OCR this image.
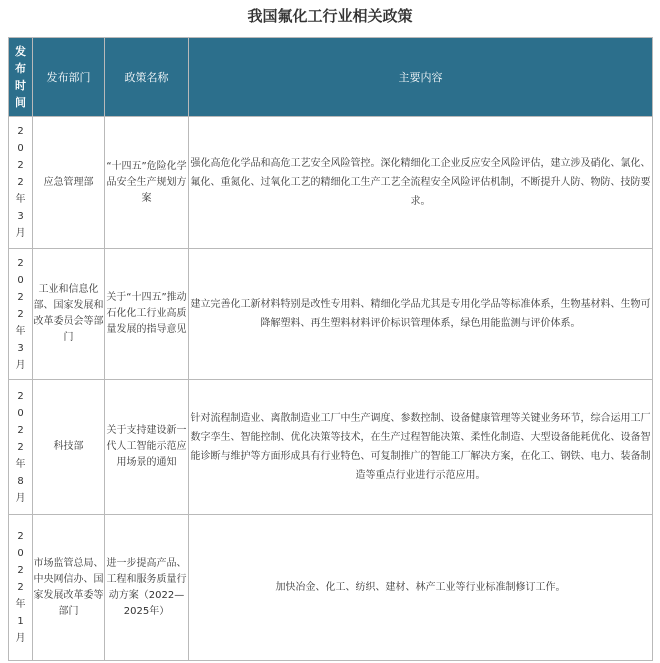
我国氟化工行业相关政策
发布时间	发布部门	政策名称	主要内容

2022年3月	应急管理部	“十四五”危险化学品安全生产规划方案	强化高危化学品和高危工艺安全风险管控。深化精细化工企业反应安全风险评估，建立涉及硝化、氯化、氟化、重氮化、过氧化工艺的精细化工生产工艺全流程安全风险评估机制，不断提升人防、物防、技防要求。

2022年3月	工业和信息化部、国家发展和改革委员会等部门	关于“十四五”推动石化化工行业高质量发展的指导意见	建立完善化工新材料特别是改性专用料、精细化学品尤其是专用化学品等标准体系，生物基材料、生物可降解塑料、再生塑料材料评价标识管理体系，绿色用能监测与评价体系。

2022年8月	科技部	关于支持建设新一代人工智能示范应用场景的通知	针对流程制造业、离散制造业工厂中生产调度、参数控制、设备健康管理等关键业务环节，综合运用工厂数字孪生、智能控制、优化决策等技术，在生产过程智能决策、柔性化制造、大型设备能耗优化、设备智能诊断与维护等方面形成具有行业特色、可复制推广的智能工厂解决方案，在化工、钢铁、电力、装备制造等重点行业进行示范应用。

2022年1月	市场监管总局、中央网信办、国家发展改革委等部门	进一步提高产品、工程和服务质量行动方案（2022—2025年）	加快冶金、化工、纺织、建材、林产工业等行业标准制修订工作。
